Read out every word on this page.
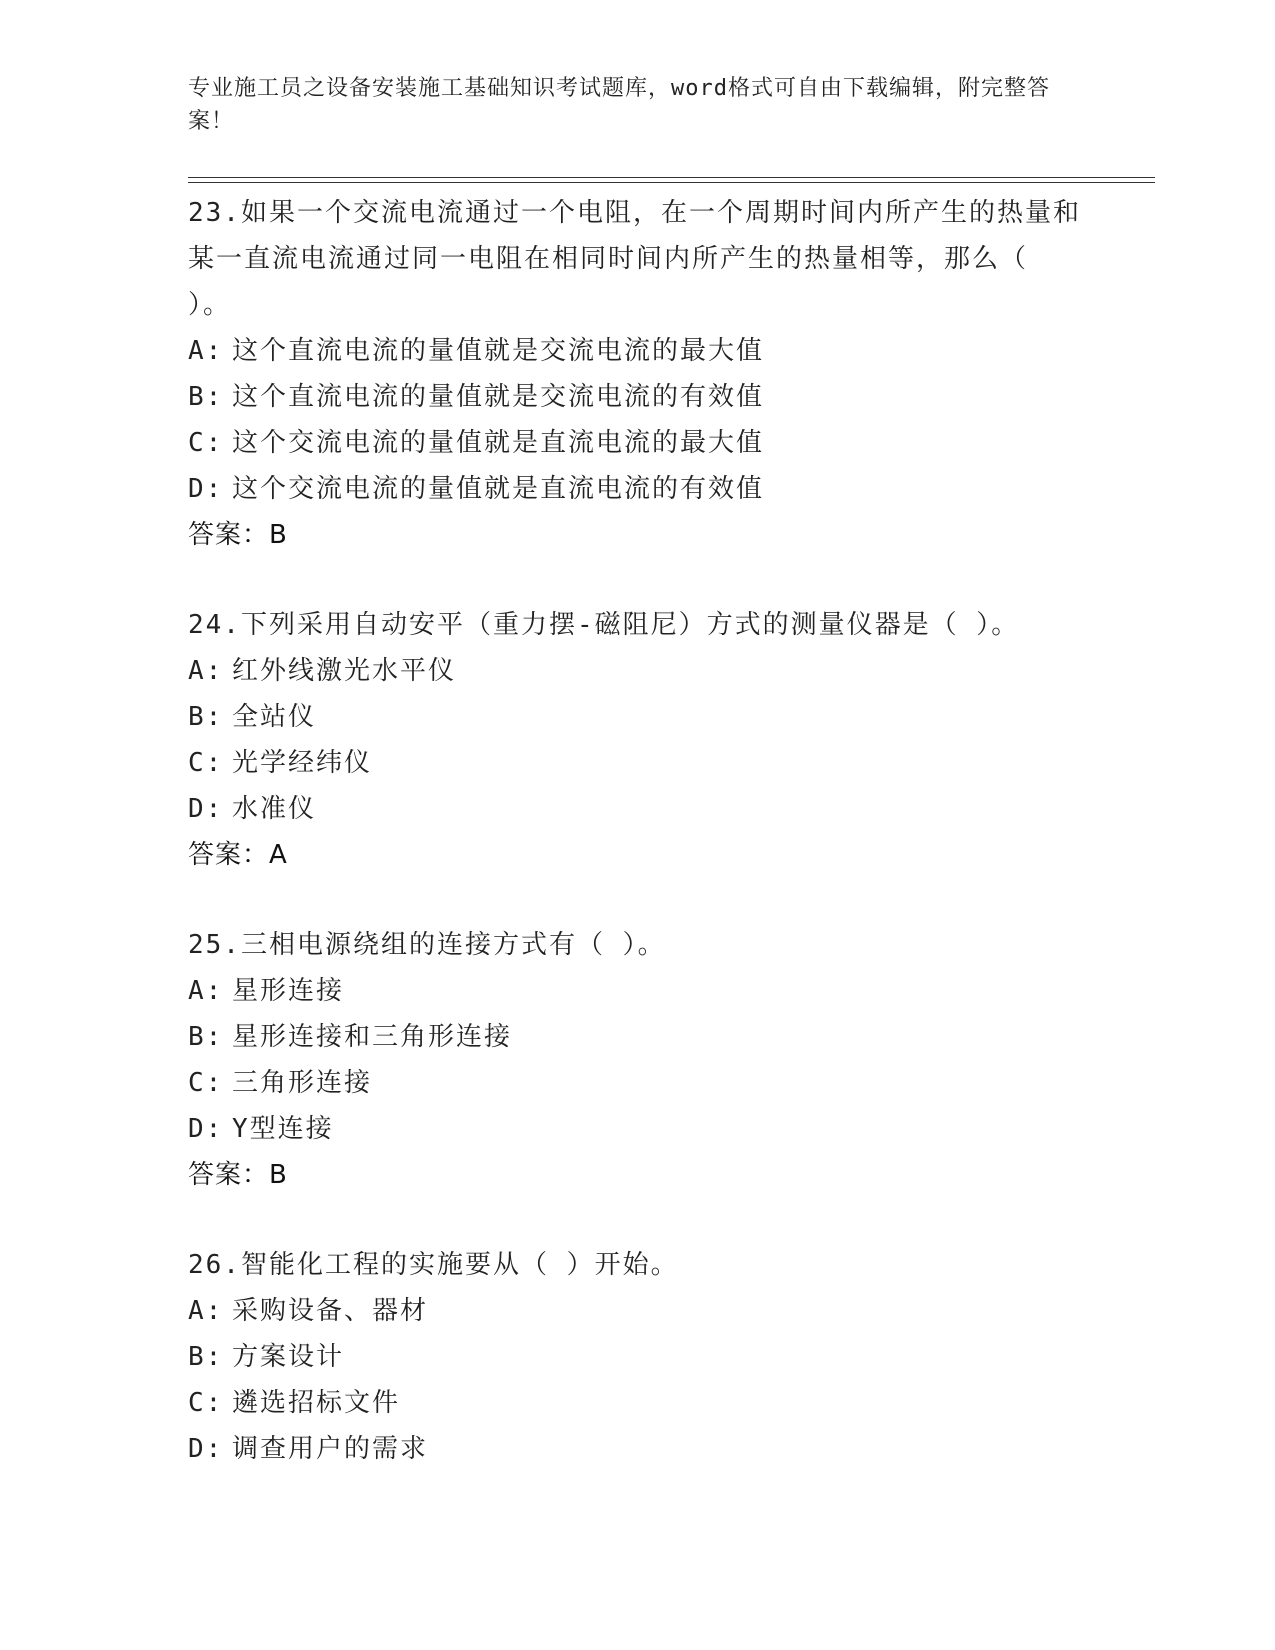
专业施工员之设备安装施工基础知识考试题库，word格式可自由下载编辑，附完整答案！
23.如果一个交流电流通过一个电阻，在一个周期时间内所产生的热量和某一直流电流通过同一电阻在相同时间内所产生的热量相等，那么（ ）。
A: 这个直流电流的量值就是交流电流的最大值
B: 这个直流电流的量值就是交流电流的有效值
C: 这个交流电流的量值就是直流电流的最大值
D: 这个交流电流的量值就是直流电流的有效值
答案：B
24.下列采用自动安平（重力摆-磁阻尼）方式的测量仪器是（ ）。
A: 红外线激光水平仪
B: 全站仪
C: 光学经纬仪
D: 水准仪
答案：A
25.三相电源绕组的连接方式有（ ）。
A: 星形连接
B: 星形连接和三角形连接
C: 三角形连接
D: Y型连接
答案：B
26.智能化工程的实施要从（ ）开始。
A: 采购设备、器材
B: 方案设计
C: 遴选招标文件
D: 调查用户的需求
